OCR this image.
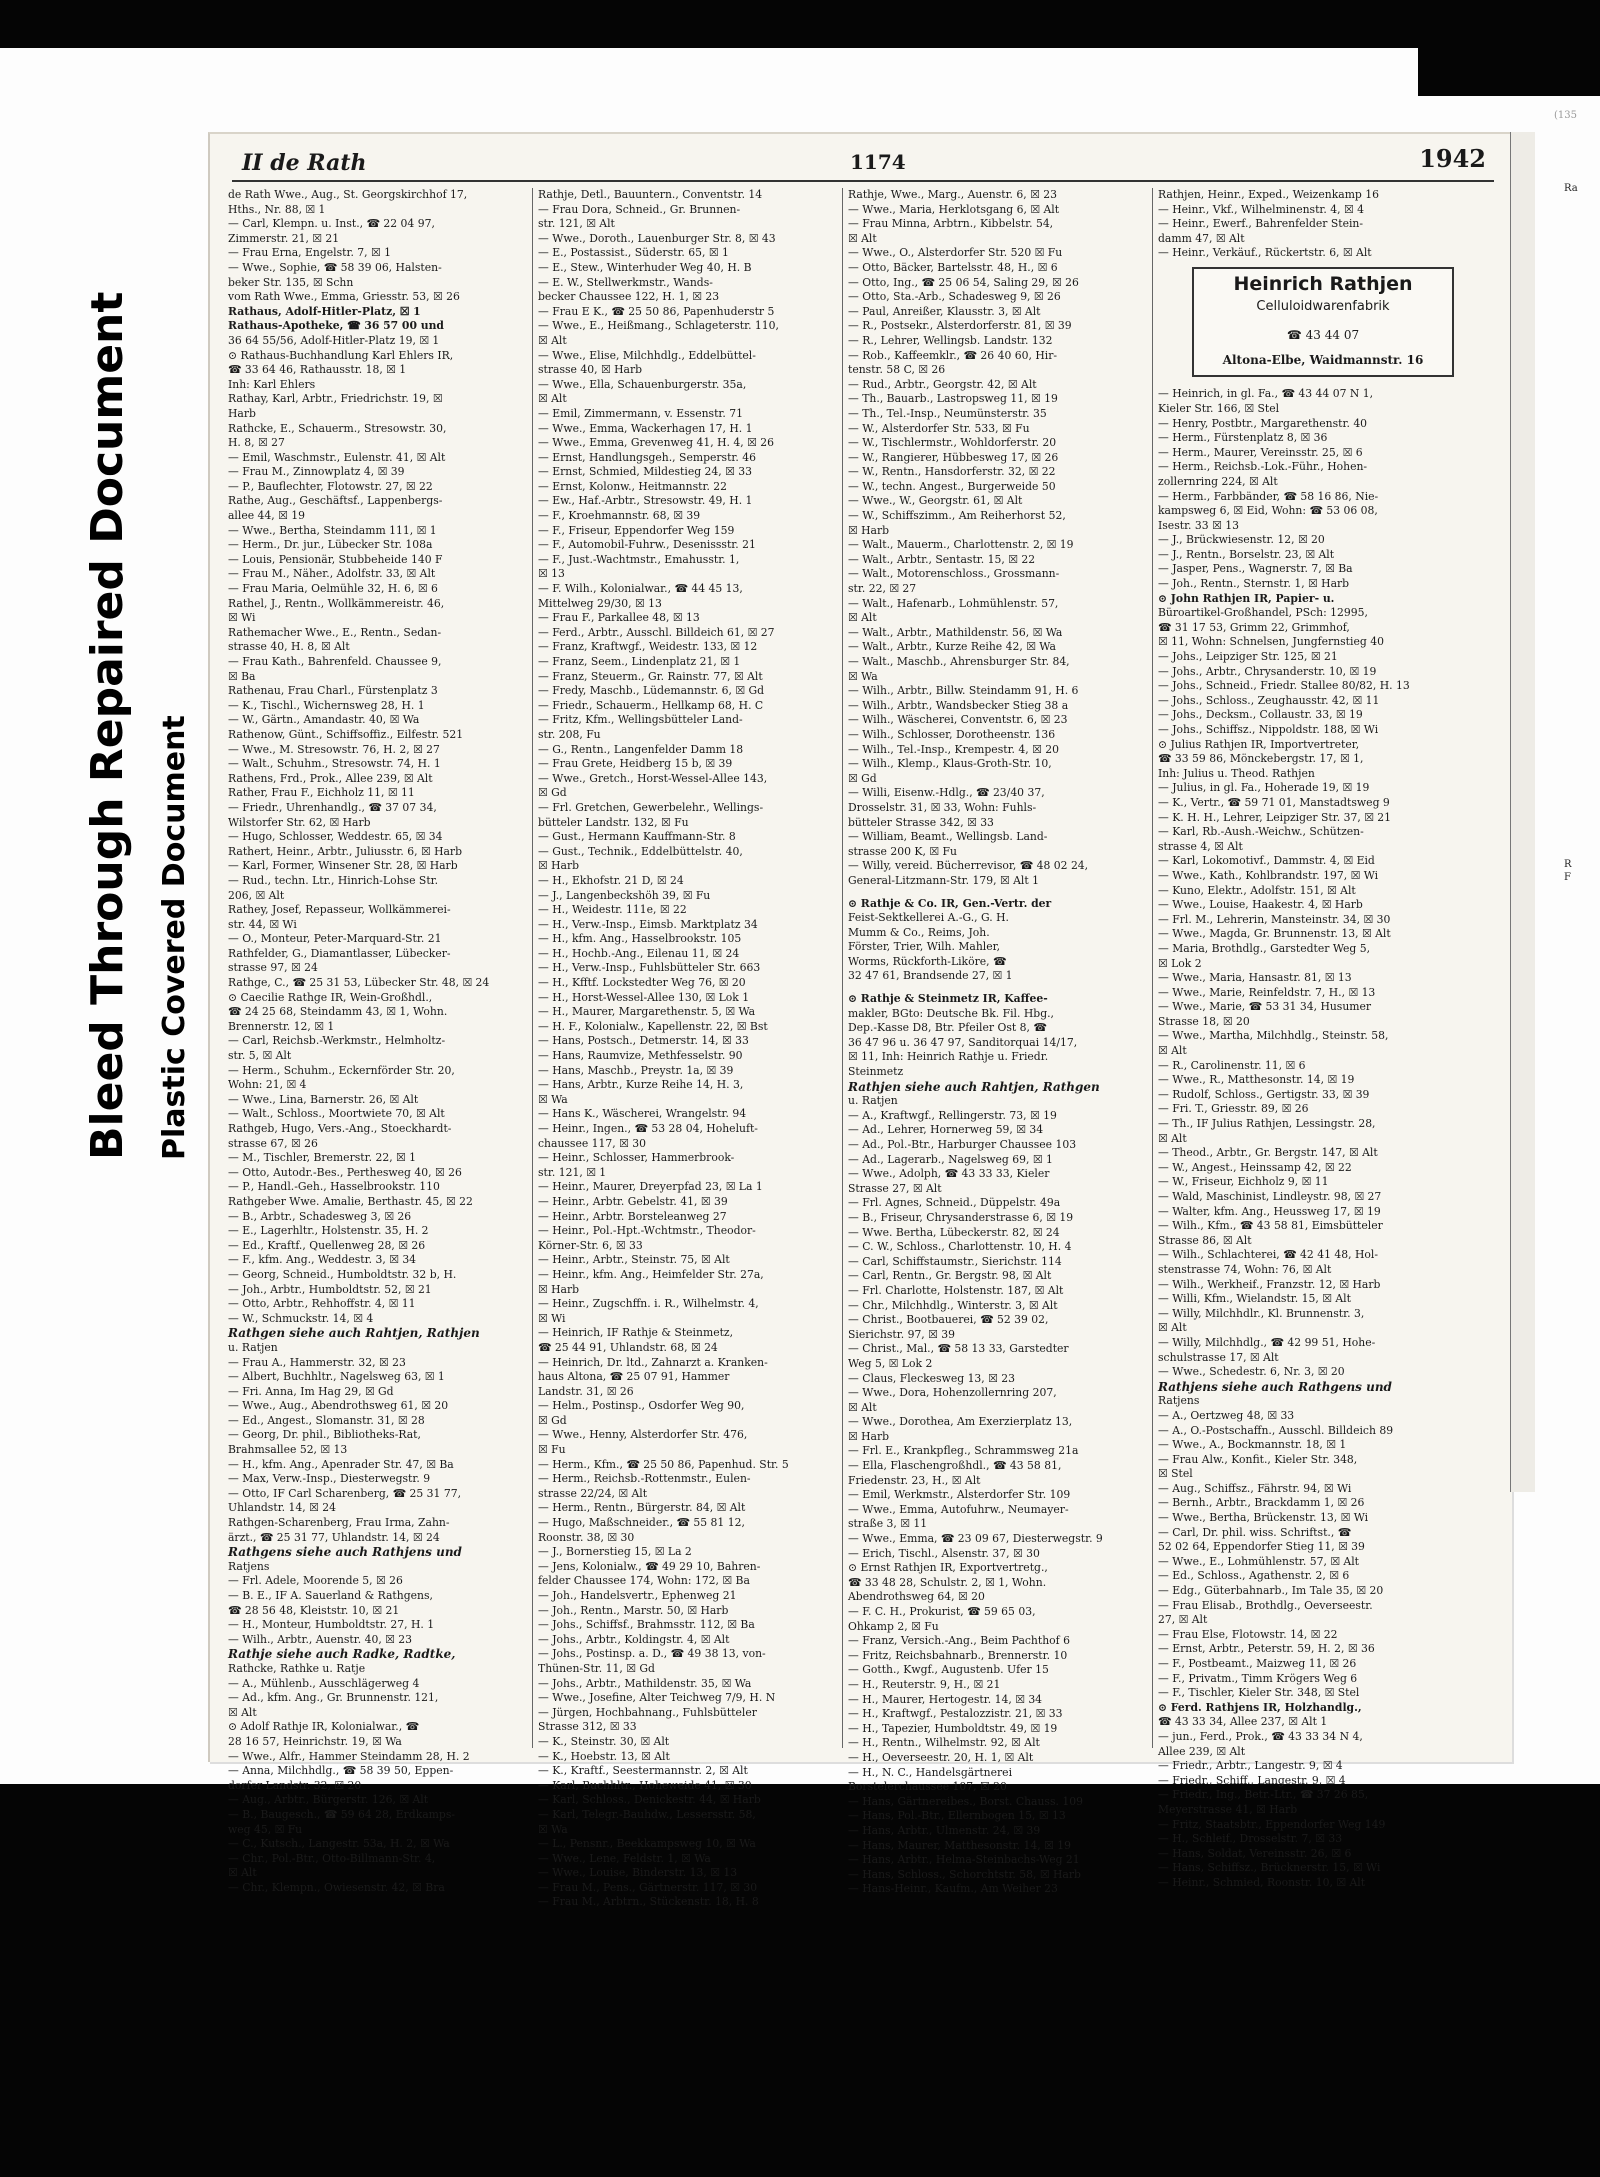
Bleed Through Repaired Document Plastic Covered Document
(135
II de Rath	1174	1942
de Rath Wwe., Aug., St. Georgskirchhof 17,
Hths., Nr. 88, ☒ 1
— Carl, Klempn. u. Inst., ☎ 22 04 97,
Zimmerstr. 21, ☒ 21
— Frau Erna, Engelstr. 7, ☒ 1
— Wwe., Sophie, ☎ 58 39 06, Halsten-
beker Str. 135, ☒ Schn
vom Rath Wwe., Emma, Griesstr. 53, ☒ 26
Rathaus, Adolf-Hitler-Platz, ☒ 1
Rathaus-Apotheke, ☎ 36 57 00 und
36 64 55/56, Adolf-Hitler-Platz 19, ☒ 1
⊙ Rathaus-Buchhandlung Karl Ehlers IR,
☎ 33 64 46, Rathausstr. 18, ☒ 1
Inh: Karl Ehlers
Rathay, Karl, Arbtr., Friedrichstr. 19, ☒
Harb
Rathcke, E., Schauerm., Stresowstr. 30,
H. 8, ☒ 27
— Emil, Waschmstr., Eulenstr. 41, ☒ Alt
— Frau M., Zinnowplatz 4, ☒ 39
— P., Bauflechter, Flotowstr. 27, ☒ 22
Rathe, Aug., Geschäftsf., Lappenbergs-
allee 44, ☒ 19
— Wwe., Bertha, Steindamm 111, ☒ 1
— Herm., Dr. jur., Lübecker Str. 108a
— Louis, Pensionär, Stubbeheide 140 F
— Frau M., Näher., Adolfstr. 33, ☒ Alt
— Frau Maria, Oelmühle 32, H. 6, ☒ 6
Rathel, J., Rentn., Wollkämmereistr. 46,
☒ Wi
Rathemacher Wwe., E., Rentn., Sedan-
strasse 40, H. 8, ☒ Alt
— Frau Kath., Bahrenfeld. Chaussee 9,
☒ Ba
Rathenau, Frau Charl., Fürstenplatz 3
— K., Tischl., Wichernsweg 28, H. 1
— W., Gärtn., Amandastr. 40, ☒ Wa
Rathenow, Günt., Schiffsoffiz., Eilfestr. 521
— Wwe., M. Stresowstr. 76, H. 2, ☒ 27
— Walt., Schuhm., Stresowstr. 74, H. 1
Rathens, Frd., Prok., Allee 239, ☒ Alt
Rather, Frau F., Eichholz 11, ☒ 11
— Friedr., Uhrenhandlg., ☎ 37 07 34,
Wilstorfer Str. 62, ☒ Harb
— Hugo, Schlosser, Weddestr. 65, ☒ 34
Rathert, Heinr., Arbtr., Juliusstr. 6, ☒ Harb
— Karl, Former, Winsener Str. 28, ☒ Harb
— Rud., techn. Ltr., Hinrich-Lohse Str.
206, ☒ Alt
Rathey, Josef, Repasseur, Wollkämmerei-
str. 44, ☒ Wi
— O., Monteur, Peter-Marquard-Str. 21
Rathfelder, G., Diamantlasser, Lübecker-
strasse 97, ☒ 24
Rathge, C., ☎ 25 31 53, Lübecker Str. 48, ☒ 24
⊙ Caecilie Rathge IR, Wein-Großhdl.,
☎ 24 25 68, Steindamm 43, ☒ 1, Wohn.
Brennerstr. 12, ☒ 1
— Carl, Reichsb.-Werkmstr., Helmholtz-
str. 5, ☒ Alt
— Herm., Schuhm., Eckernförder Str. 20,
Wohn: 21, ☒ 4
— Wwe., Lina, Barnerstr. 26, ☒ Alt
— Walt., Schloss., Moortwiete 70, ☒ Alt
Rathgeb, Hugo, Vers.-Ang., Stoeckhardt-
strasse 67, ☒ 26
— M., Tischler, Bremerstr. 22, ☒ 1
— Otto, Autodr.-Bes., Perthesweg 40, ☒ 26
— P., Handl.-Geh., Hasselbrookstr. 110
Rathgeber Wwe. Amalie, Berthastr. 45, ☒ 22
— B., Arbtr., Schadesweg 3, ☒ 26
— E., Lagerhltr., Holstenstr. 35, H. 2
— Ed., Kraftf., Quellenweg 28, ☒ 26
— F., kfm. Ang., Weddestr. 3, ☒ 34
— Georg, Schneid., Humboldtstr. 32 b, H.
— Joh., Arbtr., Humboldtstr. 52, ☒ 21
— Otto, Arbtr., Rehhoffstr. 4, ☒ 11
— W., Schmuckstr. 14, ☒ 4
Rathgen siehe auch Rahtjen, Rathjen
u. Ratjen
— Frau A., Hammerstr. 32, ☒ 23
— Albert, Buchhltr., Nagelsweg 63, ☒ 1
— Fri. Anna, Im Hag 29, ☒ Gd
— Wwe., Aug., Abendrothsweg 61, ☒ 20
— Ed., Angest., Slomanstr. 31, ☒ 28
— Georg, Dr. phil., Bibliotheks-Rat,
Brahmsallee 52, ☒ 13
— H., kfm. Ang., Apenrader Str. 47, ☒ Ba
— Max, Verw.-Insp., Diesterwegstr. 9
— Otto, IF Carl Scharenberg, ☎ 25 31 77,
Uhlandstr. 14, ☒ 24
Rathgen-Scharenberg, Frau Irma, Zahn-
ärzt., ☎ 25 31 77, Uhlandstr. 14, ☒ 24
Rathgens siehe auch Rathjens und
Ratjens
— Frl. Adele, Moorende 5, ☒ 26
— B. E., IF A. Sauerland & Rathgens,
☎ 28 56 48, Kleiststr. 10, ☒ 21
— H., Monteur, Humboldtstr. 27, H. 1
— Wilh., Arbtr., Auenstr. 40, ☒ 23
Rathje siehe auch Radke, Radtke,
Rathcke, Rathke u. Ratje
— A., Mühlenb., Ausschlägerweg 4
— Ad., kfm. Ang., Gr. Brunnenstr. 121,
☒ Alt
⊙ Adolf Rathje IR, Kolonialwar., ☎
28 16 57, Heinrichstr. 19, ☒ Wa
— Wwe., Alfr., Hammer Steindamm 28, H. 2
— Anna, Milchhdlg., ☎ 58 39 50, Eppen-
dorfer Landstr. 32, ☒ 20
— Aug., Arbtr., Bürgerstr. 126, ☒ Alt
— B., Baugesch., ☎ 59 64 28, Erdkamps-
weg 45, ☒ Fu
— C., Kutsch., Langestr. 53a, H. 2, ☒ Wa
— Chr., Pol.-Btr., Otto-Billmann-Str. 4,
☒ Alt
— Chr., Klempn., Owiesenstr. 42, ☒ Bra
Rathje, Detl., Bauuntern., Conventstr. 14
— Frau Dora, Schneid., Gr. Brunnen-
str. 121, ☒ Alt
— Wwe., Doroth., Lauenburger Str. 8, ☒ 43
— E., Postassist., Süderstr. 65, ☒ 1
— E., Stew., Winterhuder Weg 40, H. B
— E. W., Stellwerkmstr., Wands-
becker Chaussee 122, H. 1, ☒ 23
— Frau E K., ☎ 25 50 86, Papenhuderstr 5
— Wwe., E., Heißmang., Schlageterstr. 110,
☒ Alt
— Wwe., Elise, Milchhdlg., Eddelbüttel-
strasse 40, ☒ Harb
— Wwe., Ella, Schauenburgerstr. 35a,
☒ Alt
— Emil, Zimmermann, v. Essenstr. 71
— Wwe., Emma, Wackerhagen 17, H. 1
— Wwe., Emma, Grevenweg 41, H. 4, ☒ 26
— Ernst, Handlungsgeh., Semperstr. 46
— Ernst, Schmied, Mildestieg 24, ☒ 33
— Ernst, Kolonw., Heitmannstr. 22
— Ew., Haf.-Arbtr., Stresowstr. 49, H. 1
— F., Kroehmannstr. 68, ☒ 39
— F., Friseur, Eppendorfer Weg 159
— F., Automobil-Fuhrw., Desenissstr. 21
— F., Just.-Wachtmstr., Emahusstr. 1,
☒ 13
— F. Wilh., Kolonialwar., ☎ 44 45 13,
Mittelweg 29/30, ☒ 13
— Frau F., Parkallee 48, ☒ 13
— Ferd., Arbtr., Ausschl. Billdeich 61, ☒ 27
— Franz, Kraftwgf., Weidestr. 133, ☒ 12
— Franz, Seem., Lindenplatz 21, ☒ 1
— Franz, Steuerm., Gr. Rainstr. 77, ☒ Alt
— Fredy, Maschb., Lüdemannstr. 6, ☒ Gd
— Friedr., Schauerm., Hellkamp 68, H. C
— Fritz, Kfm., Wellingsbütteler Land-
str. 208, Fu
— G., Rentn., Langenfelder Damm 18
— Frau Grete, Heidberg 15 b, ☒ 39
— Wwe., Gretch., Horst-Wessel-Allee 143,
☒ Gd
— Frl. Gretchen, Gewerbelehr., Wellings-
bütteler Landstr. 132, ☒ Fu
— Gust., Hermann Kauffmann-Str. 8
— Gust., Technik., Eddelbüttelstr. 40,
☒ Harb
— H., Ekhofstr. 21 D, ☒ 24
— J., Langenbeckshöh 39, ☒ Fu
— H., Weidestr. 111e, ☒ 22
— H., Verw.-Insp., Eimsb. Marktplatz 34
— H., kfm. Ang., Hasselbrookstr. 105
— H., Hochb.-Ang., Eilenau 11, ☒ 24
— H., Verw.-Insp., Fuhlsbütteler Str. 663
— H., Kfftf. Lockstedter Weg 76, ☒ 20
— H., Horst-Wessel-Allee 130, ☒ Lok 1
— H., Maurer, Margarethenstr. 5, ☒ Wa
— H. F., Kolonialw., Kapellenstr. 22, ☒ Bst
— Hans, Postsch., Detmerstr. 14, ☒ 33
— Hans, Raumvize, Methfesselstr. 90
— Hans, Maschb., Preystr. 1a, ☒ 39
— Hans, Arbtr., Kurze Reihe 14, H. 3,
☒ Wa
— Hans K., Wäscherei, Wrangelstr. 94
— Heinr., Ingen., ☎ 53 28 04, Hoheluft-
chaussee 117, ☒ 30
— Heinr., Schlosser, Hammerbrook-
str. 121, ☒ 1
— Heinr., Maurer, Dreyerpfad 23, ☒ La 1
— Heinr., Arbtr. Gebelstr. 41, ☒ 39
— Heinr., Arbtr. Borsteleanweg 27
— Heinr., Pol.-Hpt.-Wchtmstr., Theodor-
Körner-Str. 6, ☒ 33
— Heinr., Arbtr., Steinstr. 75, ☒ Alt
— Heinr., kfm. Ang., Heimfelder Str. 27a,
☒ Harb
— Heinr., Zugschffn. i. R., Wilhelmstr. 4,
☒ Wi
— Heinrich, IF Rathje & Steinmetz,
☎ 25 44 91, Uhlandstr. 68, ☒ 24
— Heinrich, Dr. ltd., Zahnarzt a. Kranken-
haus Altona, ☎ 25 07 91, Hammer
Landstr. 31, ☒ 26
— Helm., Postinsp., Osdorfer Weg 90,
☒ Gd
— Wwe., Henny, Alsterdorfer Str. 476,
☒ Fu
— Herm., Kfm., ☎ 25 50 86, Papenhud. Str. 5
— Herm., Reichsb.-Rottenmstr., Eulen-
strasse 22/24, ☒ Alt
— Herm., Rentn., Bürgerstr. 84, ☒ Alt
— Hugo, Maßschneider., ☎ 55 81 12,
Roonstr. 38, ☒ 30
— J., Bornerstieg 15, ☒ La 2
— Jens, Kolonialw., ☎ 49 29 10, Bahren-
felder Chaussee 174, Wohn: 172, ☒ Ba
— Joh., Handelsvertr., Ephenweg 21
— Joh., Rentn., Marstr. 50, ☒ Harb
— Johs., Schiffsf., Brahmsstr. 112, ☒ Ba
— Johs., Arbtr., Koldingstr. 4, ☒ Alt
— Johs., Postinsp. a. D., ☎ 49 38 13, von-
Thünen-Str. 11, ☒ Gd
— Johs., Arbtr., Mathildenstr. 35, ☒ Wa
— Wwe., Josefine, Alter Teichweg 7/9, H. N
— Jürgen, Hochbahnang., Fuhlsbütteler
Strasse 312, ☒ 33
— K., Steinstr. 30, ☒ Alt
— K., Hoebstr. 13, ☒ Alt
— K., Kraftf., Seestermannstr. 2, ☒ Alt
— Karl, Buchhltr., Hoheweide 41, ☒ 30
— Karl, Schloss., Denickestr. 44, ☒ Harb
— Karl, Telegr.-Bauhdw., Lessersstr. 58,
☒ Wa
— L., Pensnr., Beekkampsweg 10, ☒ Wa
— Wwe., Lene, Feldstr. 1, ☒ Wa
— Wwe., Louise, Binderstr. 13, ☒ 13
— Frau M., Pens., Gärtnerstr. 117, ☒ 30
— Frau M., Arbtrn., Stückenstr. 18, H. 8
Rathje, Wwe., Marg., Auenstr. 6, ☒ 23
— Wwe., Maria, Herklotsgang 6, ☒ Alt
— Frau Minna, Arbtrn., Kibbelstr. 54,
☒ Alt
— Wwe., O., Alsterdorfer Str. 520 ☒ Fu
— Otto, Bäcker, Bartelsstr. 48, H., ☒ 6
— Otto, Ing., ☎ 25 06 54, Saling 29, ☒ 26
— Otto, Sta.-Arb., Schadesweg 9, ☒ 26
— Paul, Anreißer, Klausstr. 3, ☒ Alt
— R., Postsekr., Alsterdorferstr. 81, ☒ 39
— R., Lehrer, Wellingsb. Landstr. 132
— Rob., Kaffeemklr., ☎ 26 40 60, Hir-
tenstr. 58 C, ☒ 26
— Rud., Arbtr., Georgstr. 42, ☒ Alt
— Th., Bauarb., Lastropsweg 11, ☒ 19
— Th., Tel.-Insp., Neumünsterstr. 35
— W., Alsterdorfer Str. 533, ☒ Fu
— W., Tischlermstr., Wohldorferstr. 20
— W., Rangierer, Hübbesweg 17, ☒ 26
— W., Rentn., Hansdorferstr. 32, ☒ 22
— W., techn. Angest., Burgerweide 50
— Wwe., W., Georgstr. 61, ☒ Alt
— W., Schiffszimm., Am Reiherhorst 52,
☒ Harb
— Walt., Mauerm., Charlottenstr. 2, ☒ 19
— Walt., Arbtr., Sentastr. 15, ☒ 22
— Walt., Motorenschloss., Grossmann-
str. 22, ☒ 27
— Walt., Hafenarb., Lohmühlenstr. 57,
☒ Alt
— Walt., Arbtr., Mathildenstr. 56, ☒ Wa
— Walt., Arbtr., Kurze Reihe 42, ☒ Wa
— Walt., Maschb., Ahrensburger Str. 84,
☒ Wa
— Wilh., Arbtr., Billw. Steindamm 91, H. 6
— Wilh., Arbtr., Wandsbecker Stieg 38 a
— Wilh., Wäscherei, Conventstr. 6, ☒ 23
— Wilh., Schlosser, Dorotheenstr. 136
— Wilh., Tel.-Insp., Krempestr. 4, ☒ 20
— Wilh., Klemp., Klaus-Groth-Str. 10,
☒ Gd
— Willi, Eisenw.-Hdlg., ☎ 23/40 37,
Drosselstr. 31, ☒ 33, Wohn: Fuhls-
bütteler Strasse 342, ☒ 33
— William, Beamt., Wellingsb. Land-
strasse 200 K, ☒ Fu
— Willy, vereid. Bücherrevisor, ☎ 48 02 24,
General-Litzmann-Str. 179, ☒ Alt 1
⊙ Rathje & Co. IR, Gen.-Vertr. der
Feist-Sektkellerei A.-G., G. H.
Mumm & Co., Reims, Joh.
Förster, Trier, Wilh. Mahler,
Worms, Rückforth-Liköre, ☎
32 47 61, Brandsende 27, ☒ 1
⊙ Rathje & Steinmetz IR, Kaffee-
makler, BGto: Deutsche Bk. Fil. Hbg.,
Dep.-Kasse D8, Btr. Pfeiler Ost 8, ☎
36 47 96 u. 36 47 97, Sanditorquai 14/17,
☒ 11, Inh: Heinrich Rathje u. Friedr.
Steinmetz
Rathjen siehe auch Rahtjen, Rathgen
u. Ratjen
— A., Kraftwgf., Rellingerstr. 73, ☒ 19
— Ad., Lehrer, Hornerweg 59, ☒ 34
— Ad., Pol.-Btr., Harburger Chaussee 103
— Ad., Lagerarb., Nagelsweg 69, ☒ 1
— Wwe., Adolph, ☎ 43 33 33, Kieler
Strasse 27, ☒ Alt
— Frl. Agnes, Schneid., Düppelstr. 49a
— B., Friseur, Chrysanderstrasse 6, ☒ 19
— Wwe. Bertha, Lübeckerstr. 82, ☒ 24
— C. W., Schloss., Charlottenstr. 10, H. 4
— Carl, Schiffstaumstr., Sierichstr. 114
— Carl, Rentn., Gr. Bergstr. 98, ☒ Alt
— Frl. Charlotte, Holstenstr. 187, ☒ Alt
— Chr., Milchhdlg., Winterstr. 3, ☒ Alt
— Christ., Bootbauerei, ☎ 52 39 02,
Sierichstr. 97, ☒ 39
— Christ., Mal., ☎ 58 13 33, Garstedter
Weg 5, ☒ Lok 2
— Claus, Fleckesweg 13, ☒ 23
— Wwe., Dora, Hohenzollernring 207,
☒ Alt
— Wwe., Dorothea, Am Exerzierplatz 13,
☒ Harb
— Frl. E., Krankpfleg., Schrammsweg 21a
— Ella, Flaschengroßhdl., ☎ 43 58 81,
Friedenstr. 23, H., ☒ Alt
— Emil, Werkmstr., Alsterdorfer Str. 109
— Wwe., Emma, Autofuhrw., Neumayer-
straße 3, ☒ 11
— Wwe., Emma, ☎ 23 09 67, Diesterwegstr. 9
— Erich, Tischl., Alsenstr. 37, ☒ 30
⊙ Ernst Rathjen IR, Exportvertretg.,
☎ 33 48 28, Schulstr. 2, ☒ 1, Wohn.
Abendrothsweg 64, ☒ 20
— F. C. H., Prokurist, ☎ 59 65 03,
Ohkamp 2, ☒ Fu
— Franz, Versich.-Ang., Beim Pachthof 6
— Fritz, Reichsbahnarb., Brennerstr. 10
— Gotth., Kwgf., Augustenb. Ufer 15
— H., Reuterstr. 9, H., ☒ 21
— H., Maurer, Hertogestr. 14, ☒ 34
— H., Kraftwgf., Pestalozzistr. 21, ☒ 33
— H., Tapezier, Humboldtstr. 49, ☒ 19
— H., Rentn., Wilhelmstr. 92, ☒ Alt
— H., Oeverseestr. 20, H. 1, ☒ Alt
— H., N. C., Handelsgärtnerei
Borstelerchaussee 107, ☒ 20
— Hans, Gärtnereibes., Borst. Chauss. 109
— Hans, Pol.-Btr., Ellernbogen 15, ☒ 13
— Hans, Arbtr., Ulmenstr. 24, ☒ 39
— Hans, Maurer, Matthesonstr. 14, ☒ 19
— Hans, Arbtr., Helma-Steinbachs-Weg 21
— Hans, Schloss., Schorchtstr. 58, ☒ Harb
— Hans-Heinr., Kaufm., Am Weiher 23
Rathjen, Heinr., Exped., Weizenkamp 16
— Heinr., Vkf., Wilhelminenstr. 4, ☒ 4
— Heinr., Ewerf., Bahrenfelder Stein-
damm 47, ☒ Alt
— Heinr., Verkäuf., Rückertstr. 6, ☒ Alt
Heinrich Rathjen
Celluloidwarenfabrik
☎ 43 44 07
Altona-Elbe, Waidmannstr. 16
— Heinrich, in gl. Fa., ☎ 43 44 07 N 1,
Kieler Str. 166, ☒ Stel
— Henry, Postbtr., Margarethenstr. 40
— Herm., Fürstenplatz 8, ☒ 36
— Herm., Maurer, Vereinsstr. 25, ☒ 6
— Herm., Reichsb.-Lok.-Führ., Hohen-
zollernring 224, ☒ Alt
— Herm., Farbbänder, ☎ 58 16 86, Nie-
kampsweg 6, ☒ Eid, Wohn: ☎ 53 06 08,
Isestr. 33 ☒ 13
— J., Brückwiesenstr. 12, ☒ 20
— J., Rentn., Borselstr. 23, ☒ Alt
— Jasper, Pens., Wagnerstr. 7, ☒ Ba
— Joh., Rentn., Sternstr. 1, ☒ Harb
⊙ John Rathjen IR, Papier- u.
Büroartikel-Großhandel, PSch: 12995,
☎ 31 17 53, Grimm 22, Grimmhof,
☒ 11, Wohn: Schnelsen, Jungfernstieg 40
— Johs., Leipziger Str. 125, ☒ 21
— Johs., Arbtr., Chrysanderstr. 10, ☒ 19
— Johs., Schneid., Friedr. Stallee 80/82, H. 13
— Johs., Schloss., Zeughausstr. 42, ☒ 11
— Johs., Decksm., Collaustr. 33, ☒ 19
— Johs., Schiffsz., Nippoldstr. 188, ☒ Wi
⊙ Julius Rathjen IR, Importvertreter,
☎ 33 59 86, Mönckebergstr. 17, ☒ 1,
Inh: Julius u. Theod. Rathjen
— Julius, in gl. Fa., Hoherade 19, ☒ 19
— K., Vertr., ☎ 59 71 01, Manstadtsweg 9
— K. H. H., Lehrer, Leipziger Str. 37, ☒ 21
— Karl, Rb.-Aush.-Weichw., Schützen-
strasse 4, ☒ Alt
— Karl, Lokomotivf., Dammstr. 4, ☒ Eid
— Wwe., Kath., Kohlbrandstr. 197, ☒ Wi
— Kuno, Elektr., Adolfstr. 151, ☒ Alt
— Wwe., Louise, Haakestr. 4, ☒ Harb
— Frl. M., Lehrerin, Mansteinstr. 34, ☒ 30
— Wwe., Magda, Gr. Brunnenstr. 13, ☒ Alt
— Maria, Brothdlg., Garstedter Weg 5,
☒ Lok 2
— Wwe., Maria, Hansastr. 81, ☒ 13
— Wwe., Marie, Reinfeldstr. 7, H., ☒ 13
— Wwe., Marie, ☎ 53 31 34, Husumer
Strasse 18, ☒ 20
— Wwe., Martha, Milchhdlg., Steinstr. 58,
☒ Alt
— R., Carolinenstr. 11, ☒ 6
— Wwe., R., Matthesonstr. 14, ☒ 19
— Rudolf, Schloss., Gertigstr. 33, ☒ 39
— Fri. T., Griesstr. 89, ☒ 26
— Th., IF Julius Rathjen, Lessingstr. 28,
☒ Alt
— Theod., Arbtr., Gr. Bergstr. 147, ☒ Alt
— W., Angest., Heinssamp 42, ☒ 22
— W., Friseur, Eichholz 9, ☒ 11
— Wald, Maschinist, Lindleystr. 98, ☒ 27
— Walter, kfm. Ang., Heussweg 17, ☒ 19
— Wilh., Kfm., ☎ 43 58 81, Eimsbütteler
Strasse 86, ☒ Alt
— Wilh., Schlachterei, ☎ 42 41 48, Hol-
stenstrasse 74, Wohn: 76, ☒ Alt
— Wilh., Werkheif., Franzstr. 12, ☒ Harb
— Willi, Kfm., Wielandstr. 15, ☒ Alt
— Willy, Milchhdlr., Kl. Brunnenstr. 3,
☒ Alt
— Willy, Milchhdlg., ☎ 42 99 51, Hohe-
schulstrasse 17, ☒ Alt
— Wwe., Schedestr. 6, Nr. 3, ☒ 20
Rathjens siehe auch Rathgens und
Ratjens
— A., Oertzweg 48, ☒ 33
— A., O.-Postschaffn., Ausschl. Billdeich 89
— Wwe., A., Bockmannstr. 18, ☒ 1
— Frau Alw., Konfit., Kieler Str. 348,
☒ Stel
— Aug., Schiffsz., Fährstr. 94, ☒ Wi
— Bernh., Arbtr., Brackdamm 1, ☒ 26
— Wwe., Bertha, Brückenstr. 13, ☒ Wi
— Carl, Dr. phil. wiss. Schriftst., ☎
52 02 64, Eppendorfer Stieg 11, ☒ 39
— Wwe., E., Lohmühlenstr. 57, ☒ Alt
— Ed., Schloss., Agathenstr. 2, ☒ 6
— Edg., Güterbahnarb., Im Tale 35, ☒ 20
— Frau Elisab., Brothdlg., Oeverseestr.
27, ☒ Alt
— Frau Else, Flotowstr. 14, ☒ 22
— Ernst, Arbtr., Peterstr. 59, H. 2, ☒ 36
— F., Postbeamt., Maizweg 11, ☒ 26
— F., Privatm., Timm Krögers Weg 6
— F., Tischler, Kieler Str. 348, ☒ Stel
⊙ Ferd. Rathjens IR, Holzhandlg.,
☎ 43 33 34, Allee 237, ☒ Alt 1
— jun., Ferd., Prok., ☎ 43 33 34 N 4,
Allee 239, ☒ Alt
— Friedr., Arbtr., Langestr. 9, ☒ 4
— Friedr., Schiff., Langestr. 9, ☒ 4
— Friedr., Ing., Betr.-Ltr., ☎ 37 26 85,
Meyerstrasse 41, ☒ Harb
— Fritz, Staatsbtr., Eppendorfer Weg 149
— H., Schleif., Drosselstr. 7, ☒ 33
— Hans, Soldat, Vereinsstr. 26, ☒ 6
— Hans, Schiffsz., Brücknerstr. 15, ☒ Wi
— Heinr., Schmied, Roonstr. 10, ☒ Alt
Ra
R
F
